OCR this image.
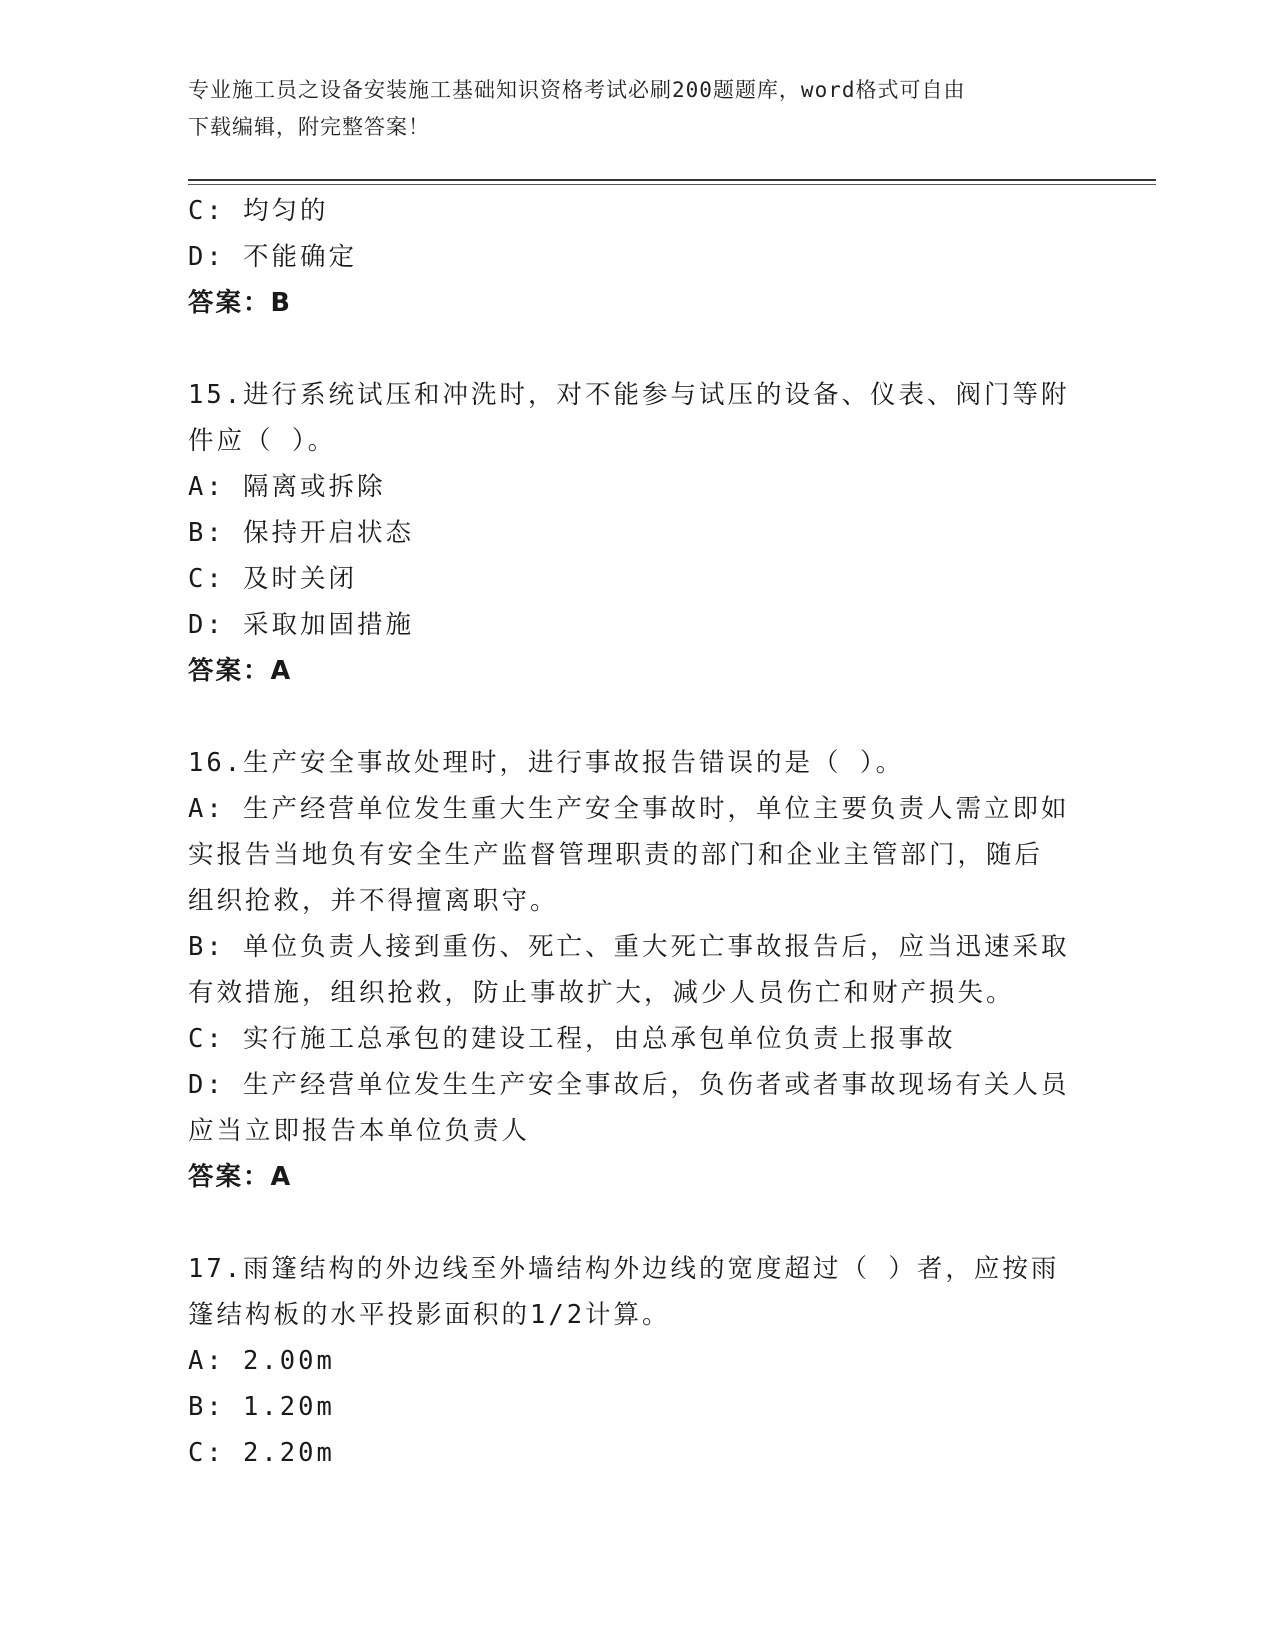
专业施工员之设备安装施工基础知识资格考试必刷200题题库，word格式可自由
下载编辑，附完整答案！
C: 均匀的
D: 不能确定
答案：B
15.进行系统试压和冲洗时，对不能参与试压的设备、仪表、阀门等附
件应（ ）。
A: 隔离或拆除
B: 保持开启状态
C: 及时关闭
D: 采取加固措施
答案：A
16.生产安全事故处理时，进行事故报告错误的是（ ）。
A: 生产经营单位发生重大生产安全事故时，单位主要负责人需立即如
实报告当地负有安全生产监督管理职责的部门和企业主管部门，随后
组织抢救，并不得擅离职守。
B: 单位负责人接到重伤、死亡、重大死亡事故报告后，应当迅速采取
有效措施，组织抢救，防止事故扩大，减少人员伤亡和财产损失。
C: 实行施工总承包的建设工程，由总承包单位负责上报事故
D: 生产经营单位发生生产安全事故后，负伤者或者事故现场有关人员
应当立即报告本单位负责人
答案：A
17.雨篷结构的外边线至外墙结构外边线的宽度超过（ ）者，应按雨
篷结构板的水平投影面积的1/2计算。
A: 2.00m
B: 1.20m
C: 2.20m
